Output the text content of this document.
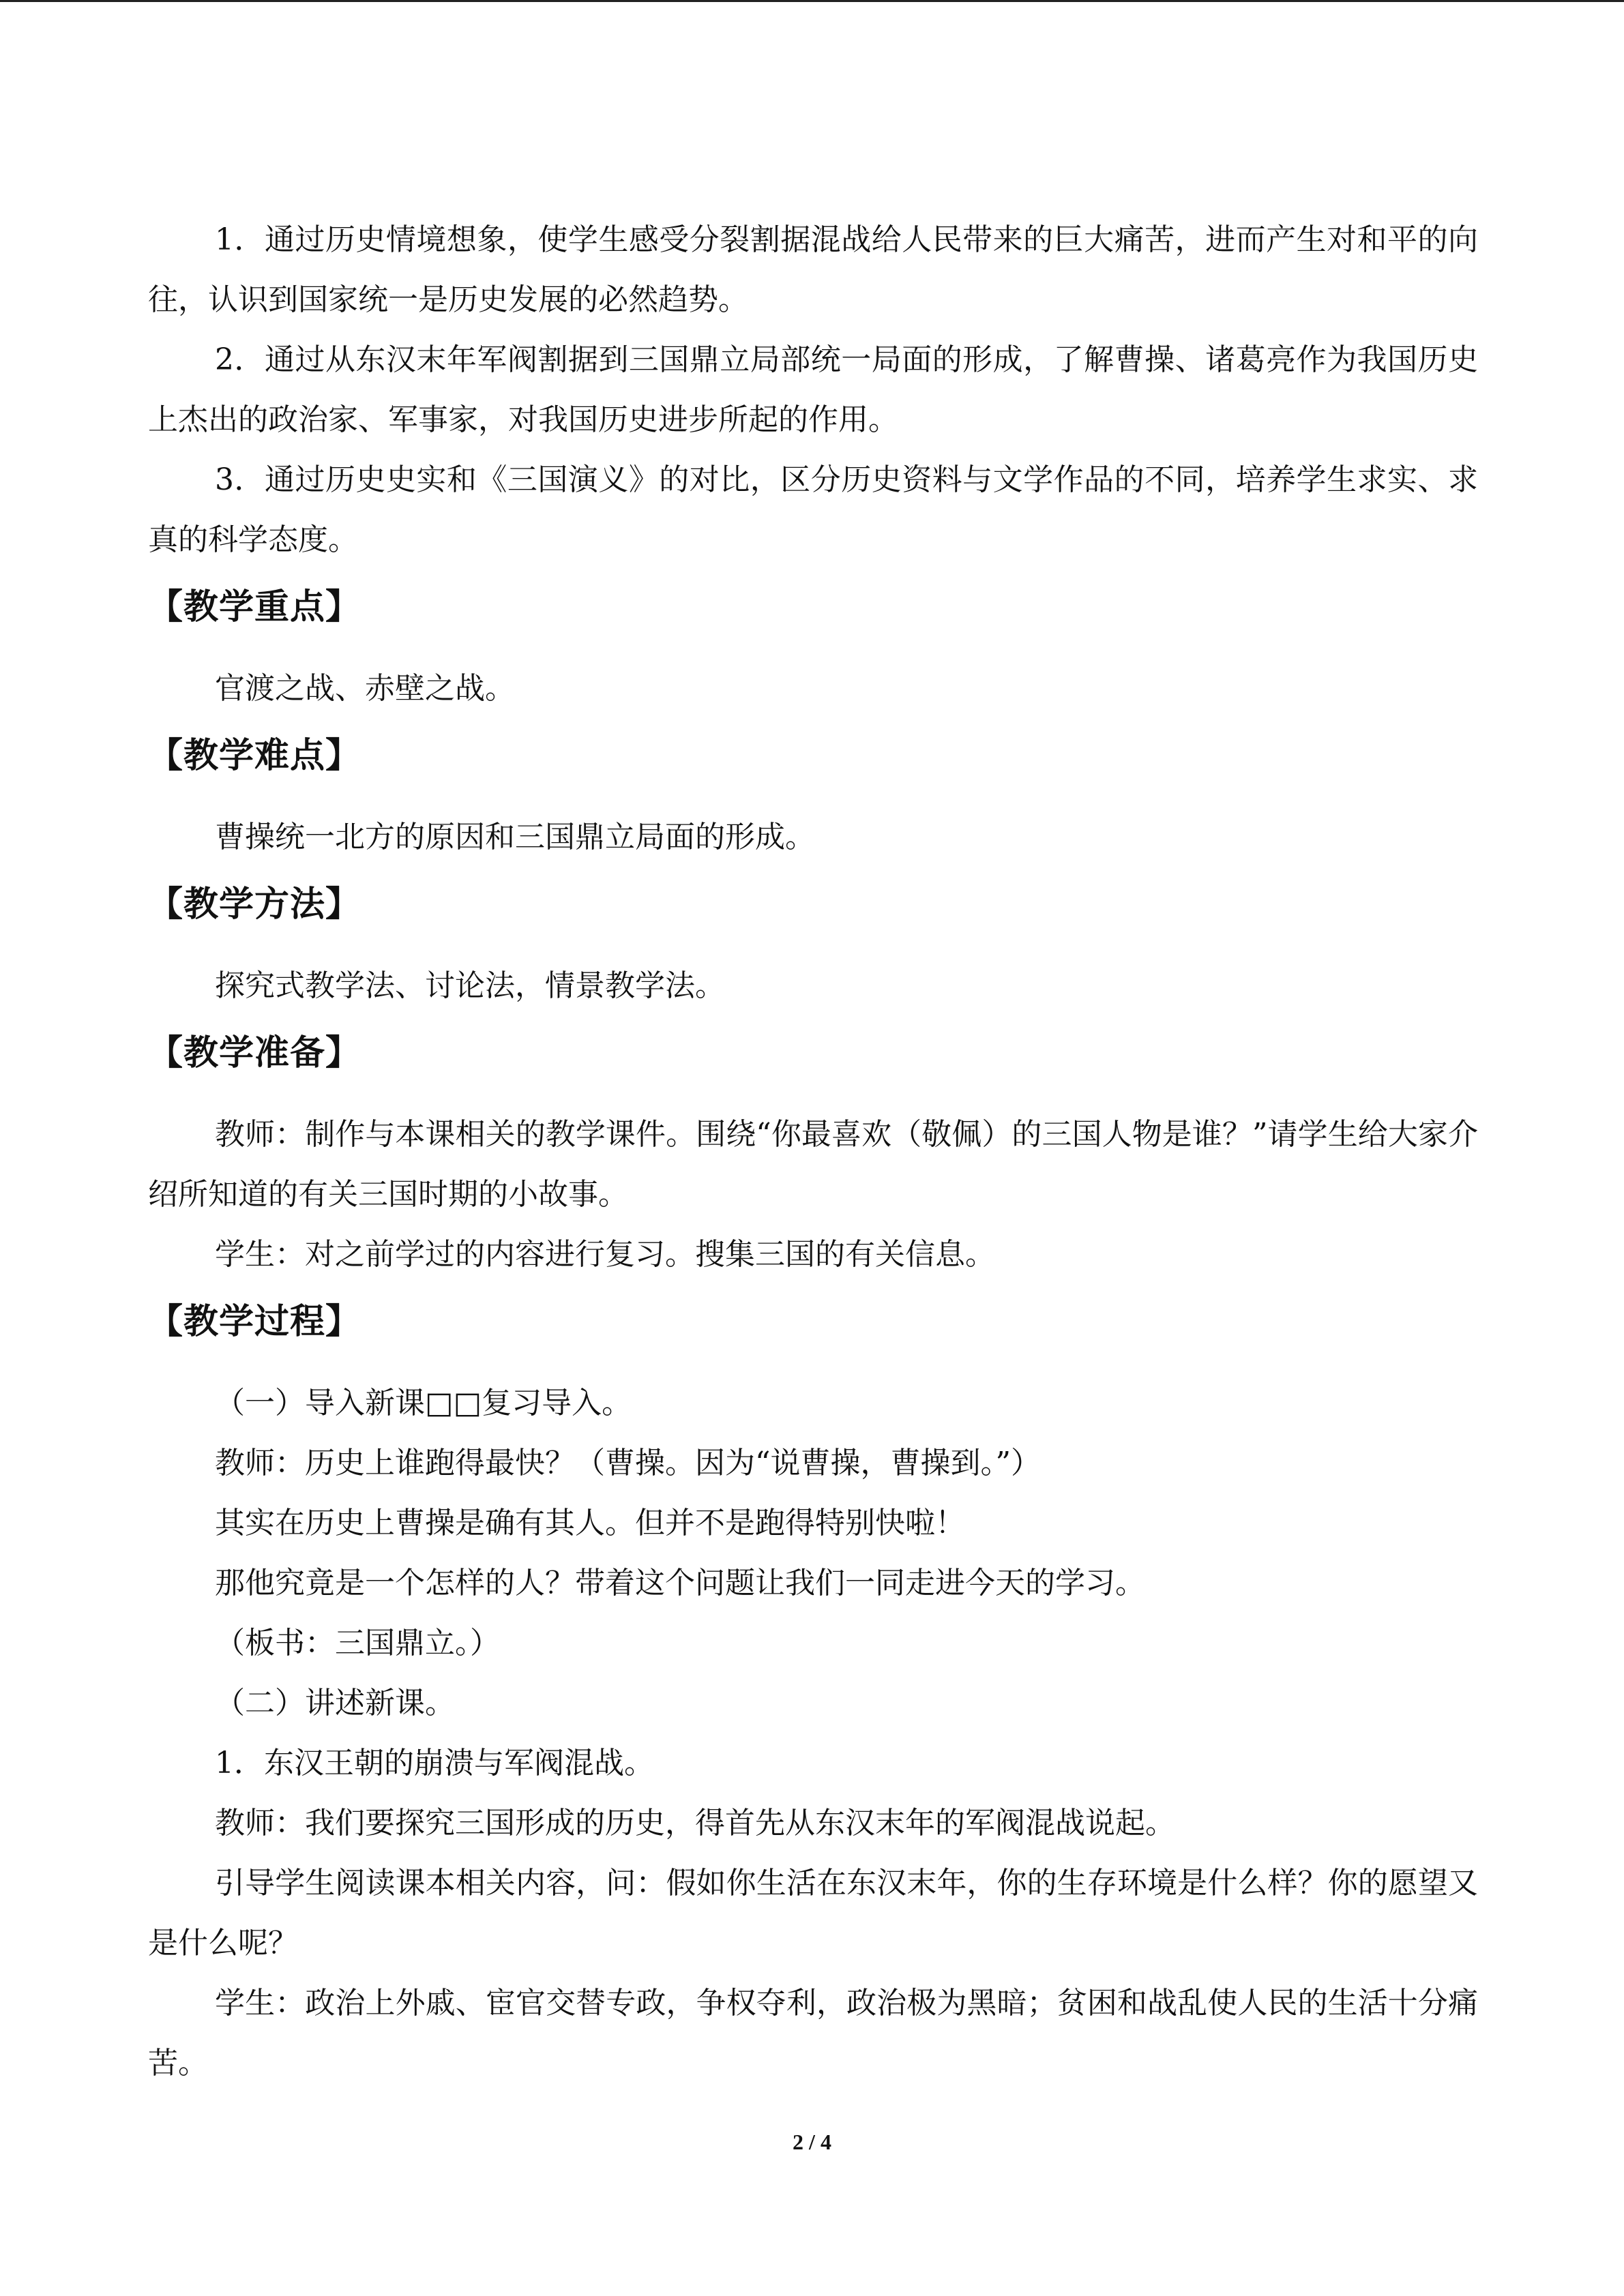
1．通过历史情境想象，使学生感受分裂割据混战给人民带来的巨大痛苦，进而产生对和平的向往，认识到国家统一是历史发展的必然趋势。

2．通过从东汉末年军阀割据到三国鼎立局部统一局面的形成，了解曹操、诸葛亮作为我国历史上杰出的政治家、军事家，对我国历史进步所起的作用。

3．通过历史史实和《三国演义》的对比，区分历史资料与文学作品的不同，培养学生求实、求真的科学态度。

【教学重点】

官渡之战、赤壁之战。

【教学难点】

曹操统一北方的原因和三国鼎立局面的形成。

【教学方法】

探究式教学法、讨论法，情景教学法。

【教学准备】

教师：制作与本课相关的教学课件。围绕“你最喜欢（敬佩）的三国人物是谁？”请学生给大家介绍所知道的有关三国时期的小故事。

学生：对之前学过的内容进行复习。搜集三国的有关信息。

【教学过程】

（一）导入新课□□复习导入。

教师：历史上谁跑得最快？（曹操。因为“说曹操，曹操到。”）

其实在历史上曹操是确有其人。但并不是跑得特别快啦！

那他究竟是一个怎样的人？带着这个问题让我们一同走进今天的学习。

（板书：三国鼎立。）

（二）讲述新课。

1．东汉王朝的崩溃与军阀混战。

教师：我们要探究三国形成的历史，得首先从东汉末年的军阀混战说起。

引导学生阅读课本相关内容，问：假如你生活在东汉末年，你的生存环境是什么样？你的愿望又是什么呢？

学生：政治上外戚、宦官交替专政，争权夺利，政治极为黑暗；贫困和战乱使人民的生活十分痛苦。

2 / 4
